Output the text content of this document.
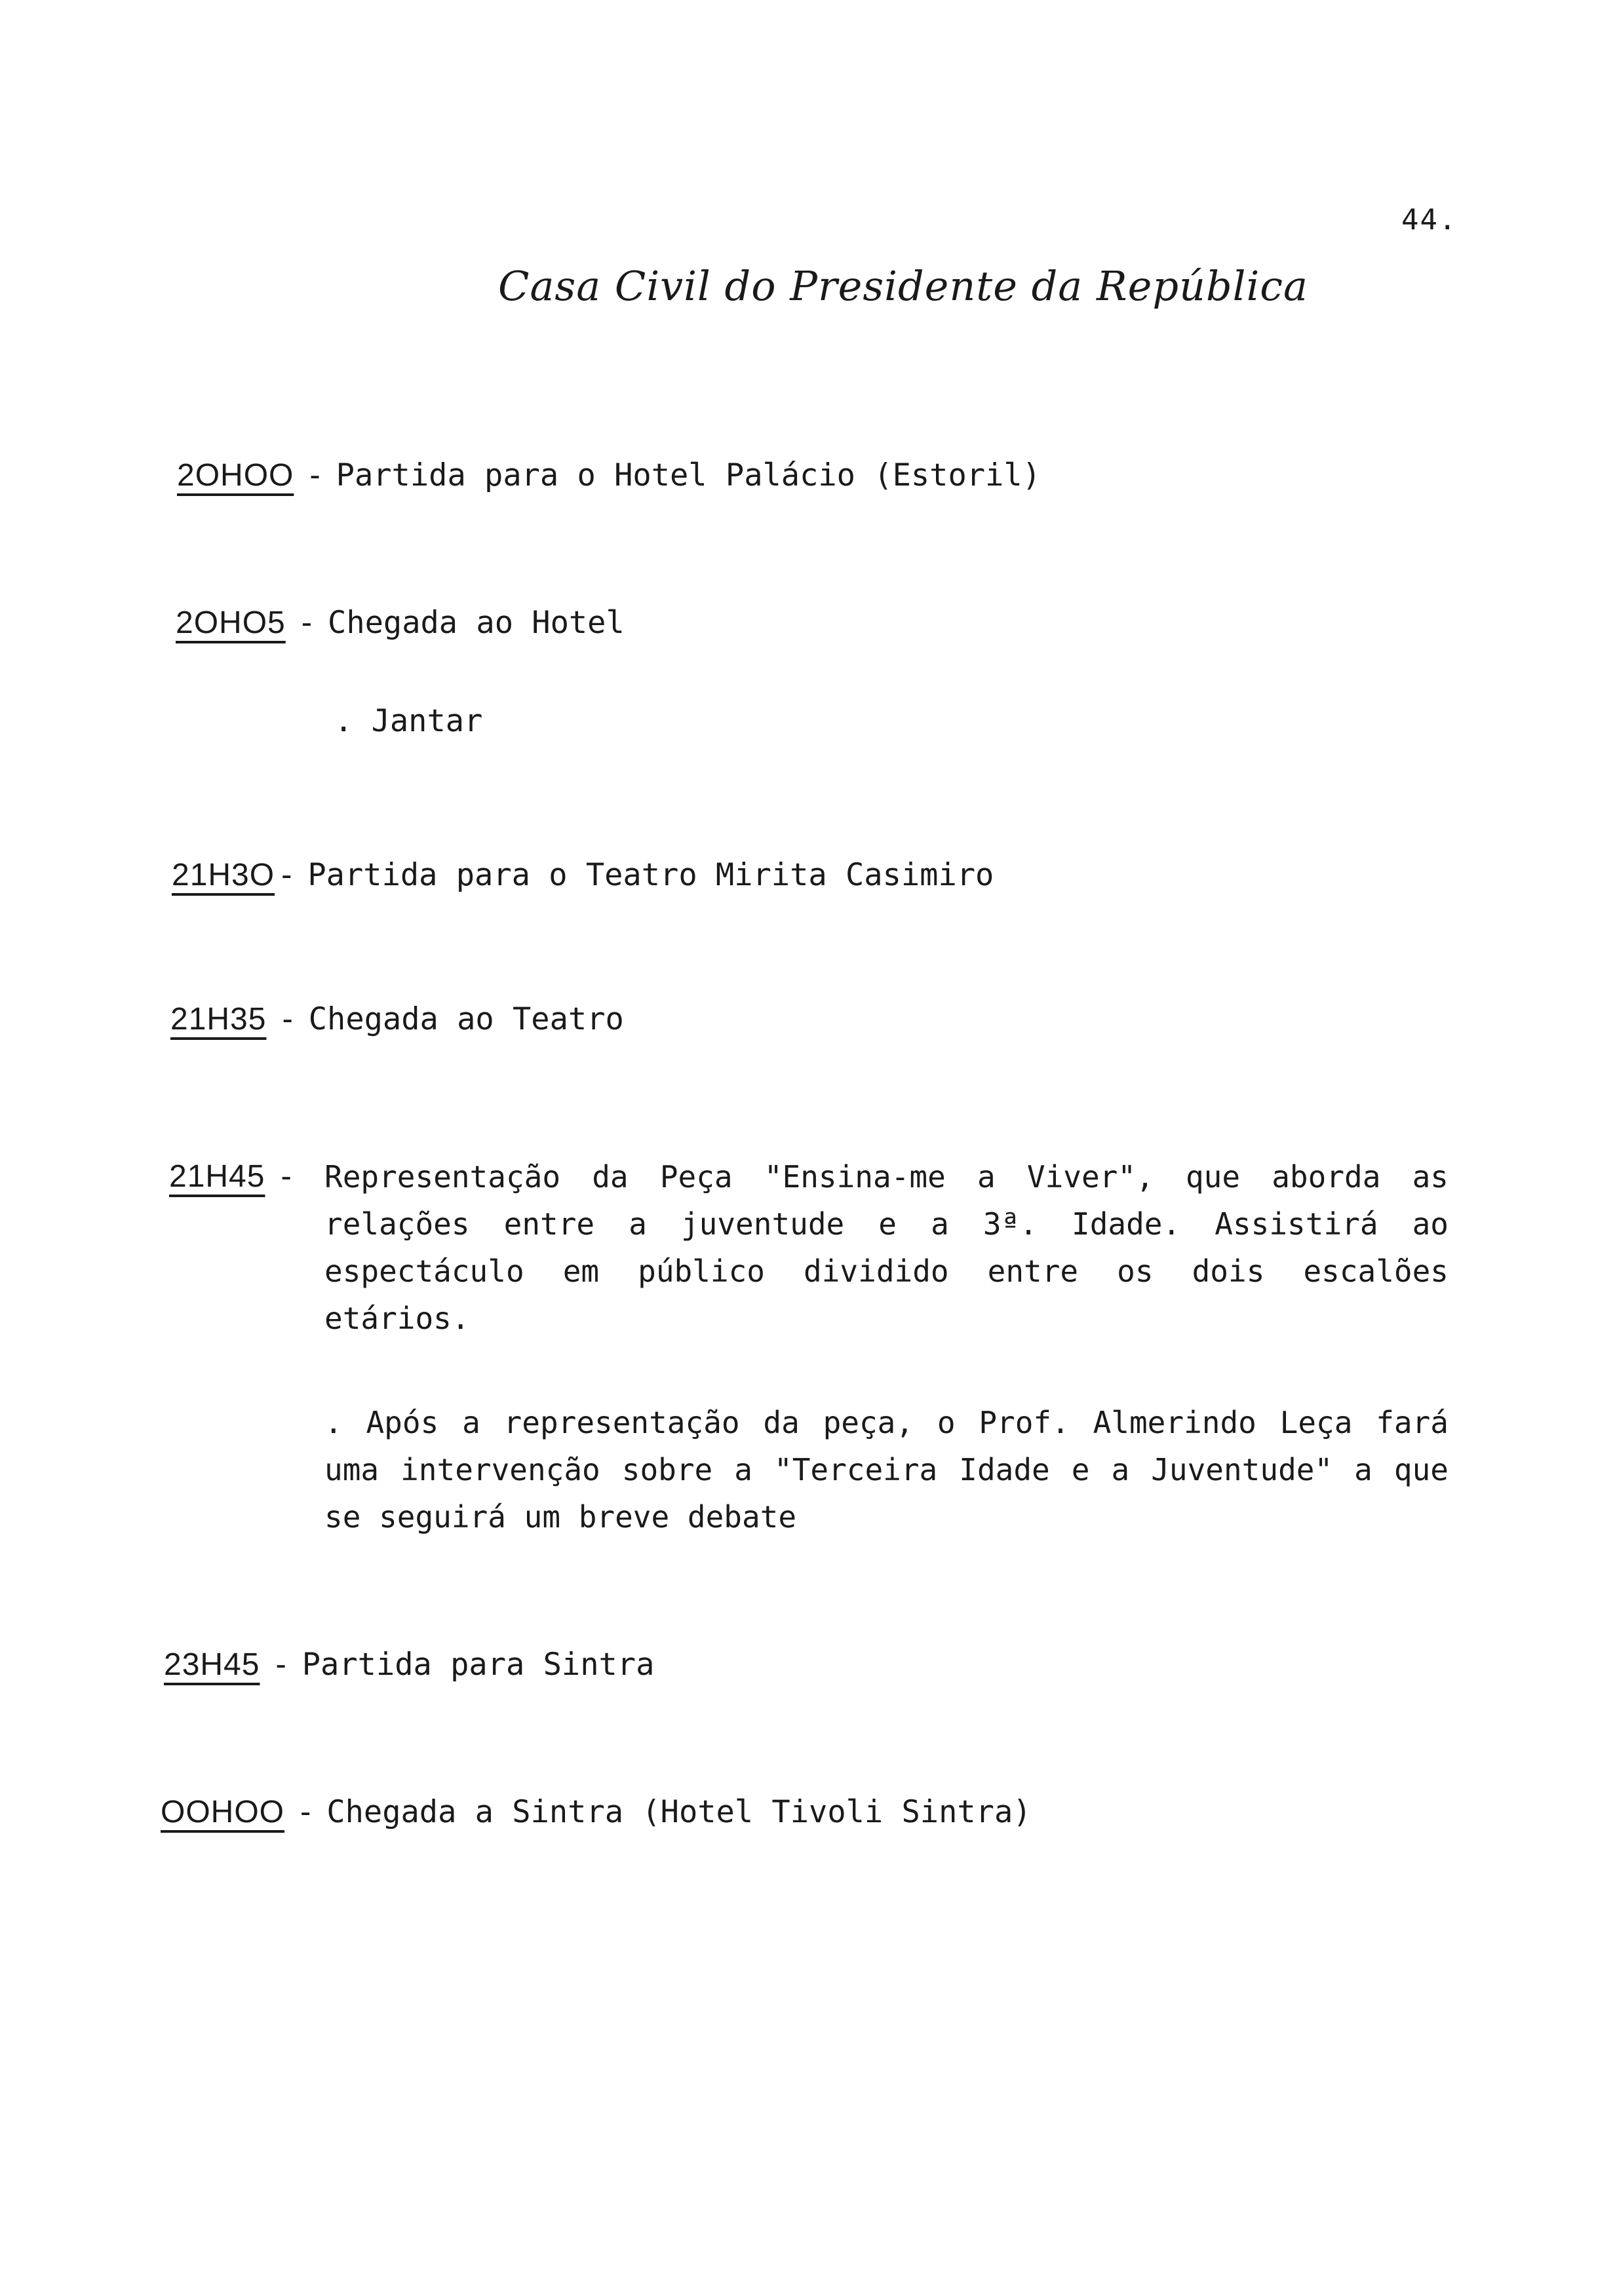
44.
Casa Civil do Presidente da República
2OHOO - Partida para o Hotel Palácio (Estoril)
2OHO5 - Chegada ao Hotel
. Jantar
21H3O- Partida para o Teatro Mirita Casimiro
21H35 - Chegada ao Teatro
21H45 - Representação da Peça "Ensina-me a Viver", que aborda as relações entre a juventude e a 3ª. Idade. Assistirá ao espectáculo em público dividido entre os dois escalões etários.
. Após a representação da peça, o Prof. Almerindo Leça fará uma intervenção sobre a "Terceira Idade e a Juventude" a que se seguirá um breve debate
23H45 - Partida para Sintra
OOHOO - Chegada a Sintra (Hotel Tivoli Sintra)
